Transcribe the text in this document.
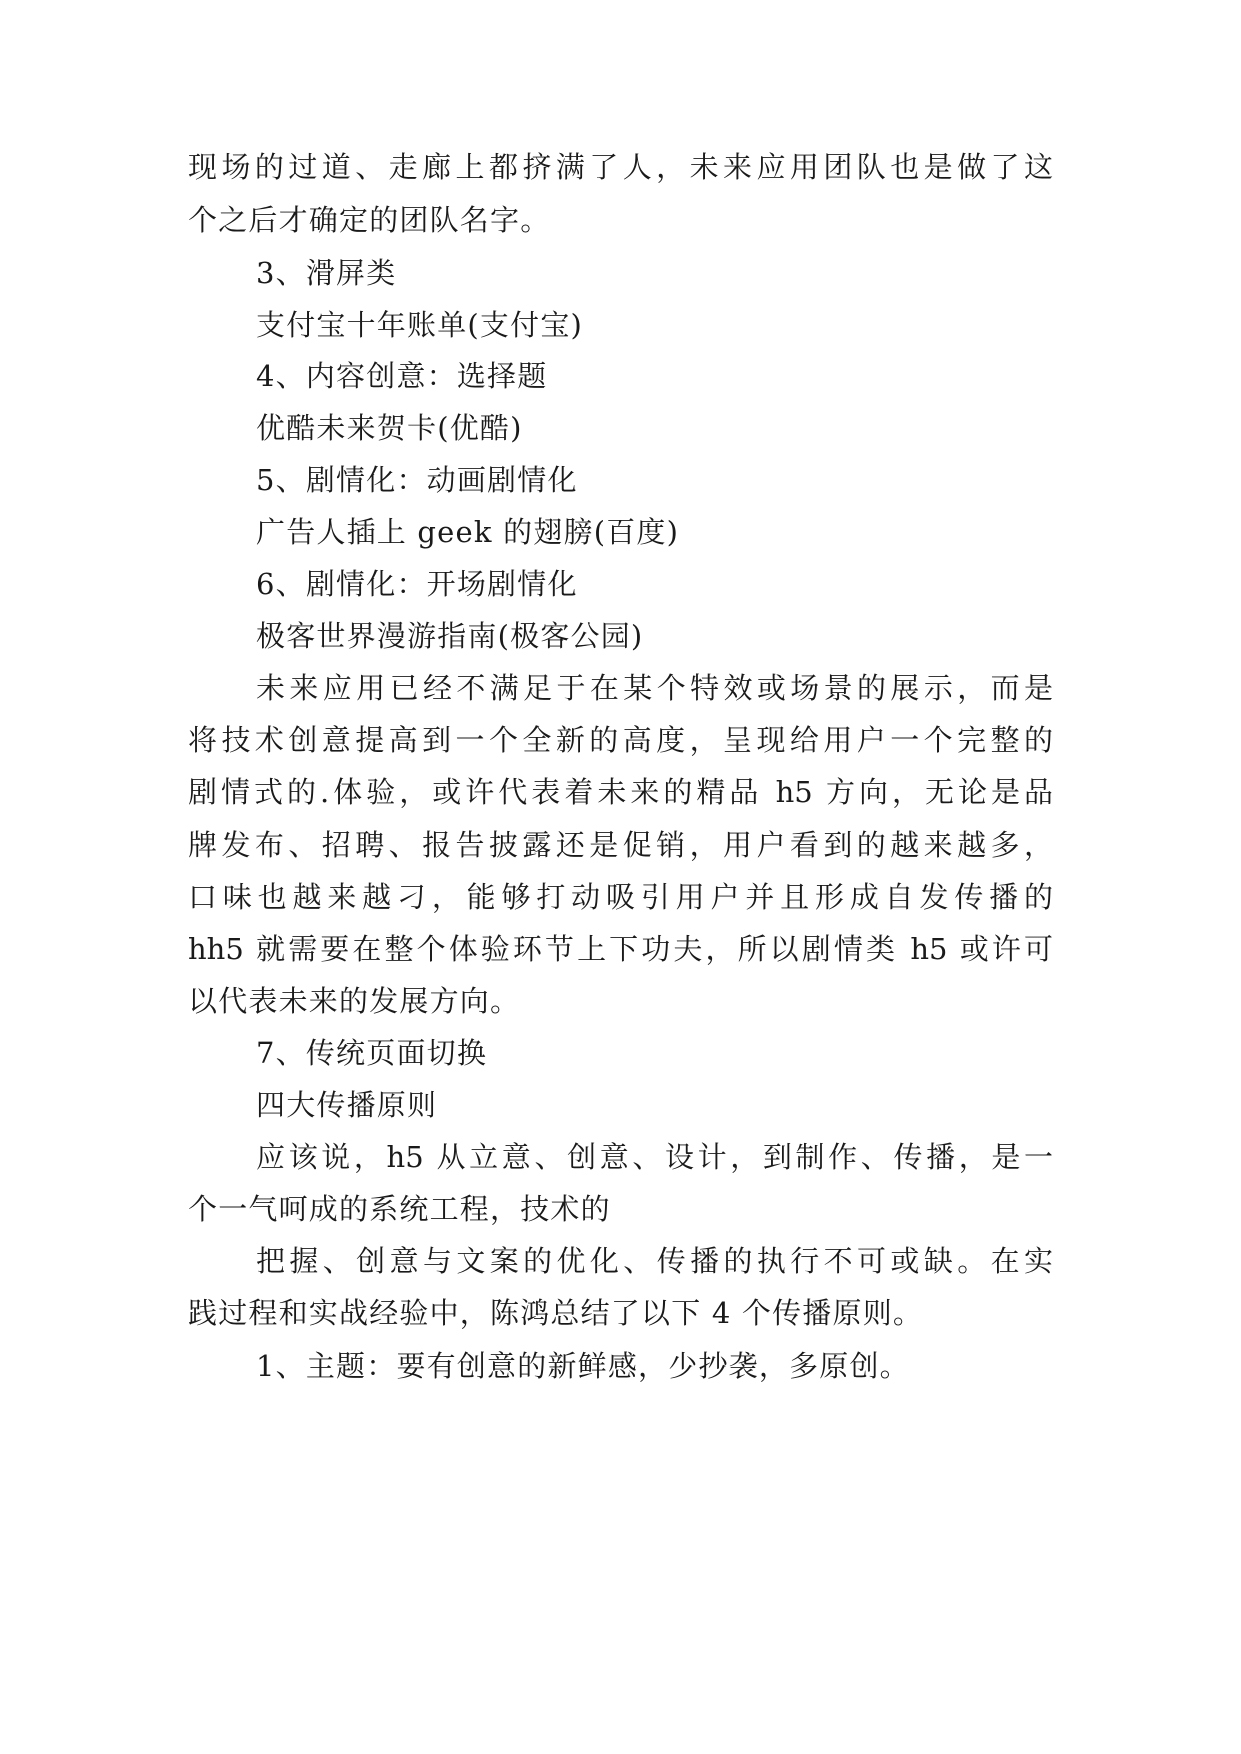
现场的过道、走廊上都挤满了人，未来应用团队也是做了这
个之后才确定的团队名字。
3、滑屏类
支付宝十年账单(支付宝)
4、内容创意：选择题
优酷未来贺卡(优酷)
5、剧情化：动画剧情化
广告人插上 geek 的翅膀(百度)
6、剧情化：开场剧情化
极客世界漫游指南(极客公园)
未来应用已经不满足于在某个特效或场景的展示，而是
将技术创意提高到一个全新的高度，呈现给用户一个完整的
剧情式的.体验，或许代表着未来的精品 h5 方向，无论是品
牌发布、招聘、报告披露还是促销，用户看到的越来越多，
口味也越来越刁，能够打动吸引用户并且形成自发传播的
hh5 就需要在整个体验环节上下功夫，所以剧情类 h5 或许可
以代表未来的发展方向。
7、传统页面切换
四大传播原则
应该说，h5 从立意、创意、设计，到制作、传播，是一
个一气呵成的系统工程，技术的
把握、创意与文案的优化、传播的执行不可或缺。在实
践过程和实战经验中，陈鸿总结了以下 4 个传播原则。
1、主题：要有创意的新鲜感，少抄袭，多原创。
